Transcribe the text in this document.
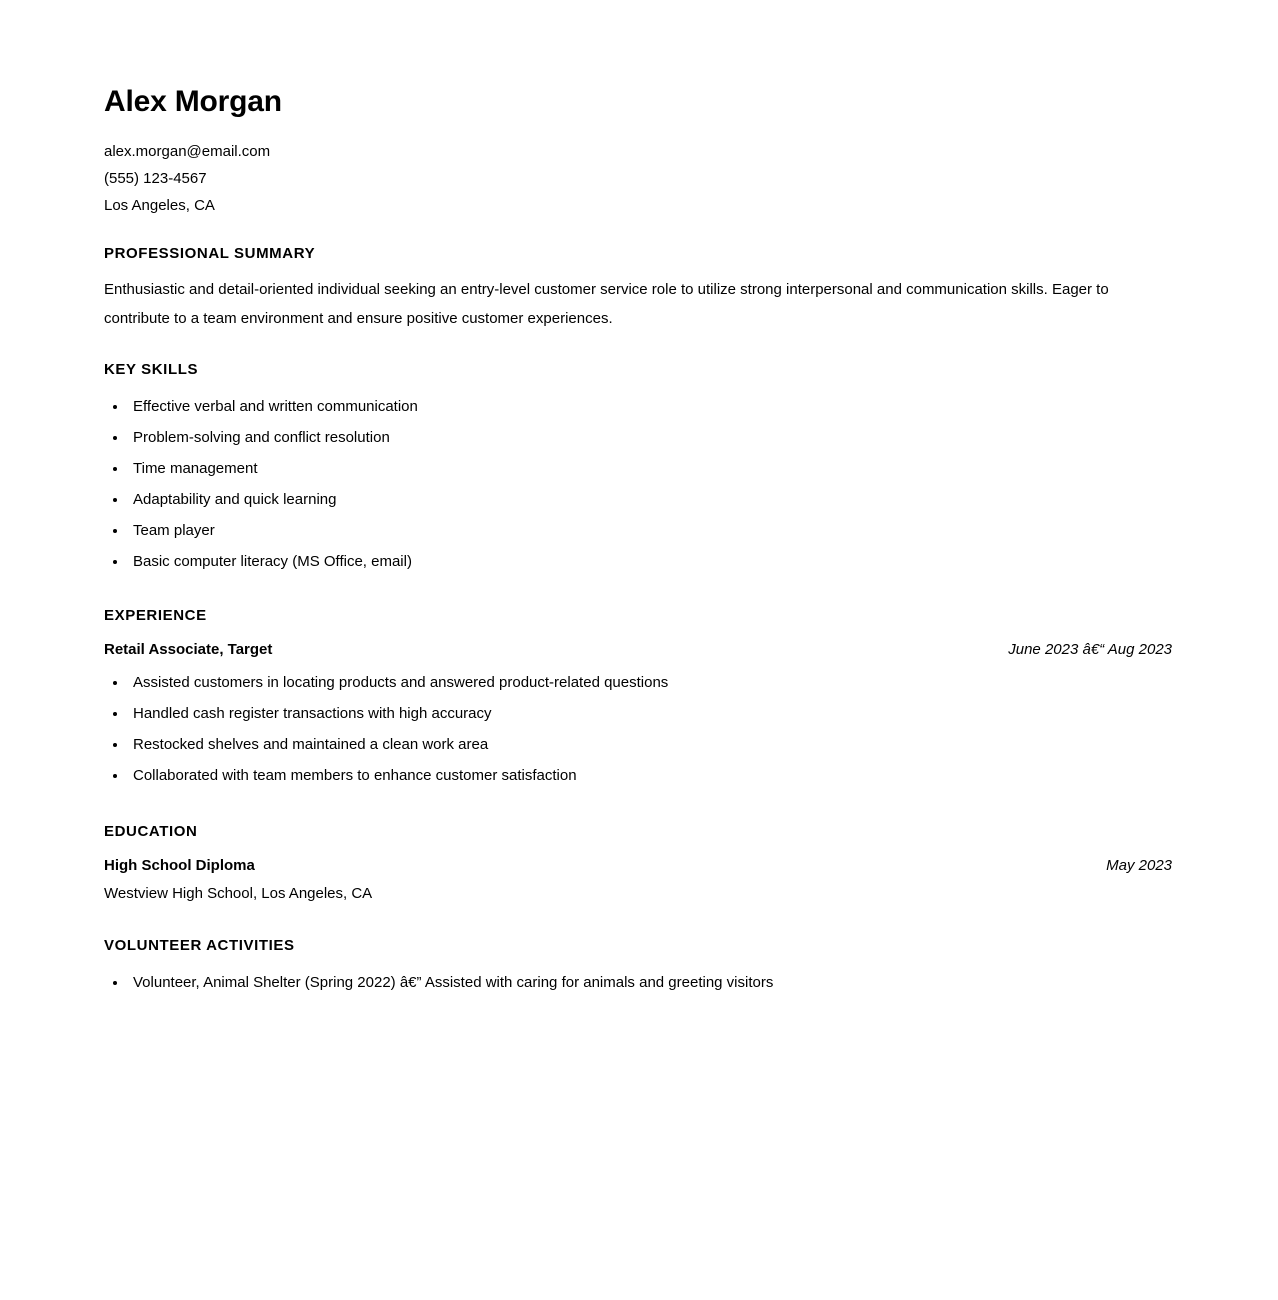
Alex Morgan
alex.morgan@email.com
(555) 123-4567
Los Angeles, CA
PROFESSIONAL SUMMARY

Enthusiastic and detail-oriented individual seeking an entry-level customer service role to utilize strong interpersonal and communication skills. Eager to contribute to a team environment and ensure positive customer experiences.

KEY SKILLS
Effective verbal and written communication
Problem-solving and conflict resolution
Time management
Adaptability and quick learning
Team player
Basic computer literacy (MS Office, email)
EXPERIENCE
Retail Associate, Target	June 2023 â€“ Aug 2023
Assisted customers in locating products and answered product-related questions
Handled cash register transactions with high accuracy
Restocked shelves and maintained a clean work area
Collaborated with team members to enhance customer satisfaction
EDUCATION
High School Diploma	May 2023
Westview High School, Los Angeles, CA
VOLUNTEER ACTIVITIES
Volunteer, Animal Shelter (Spring 2022) â€” Assisted with caring for animals and greeting visitors
